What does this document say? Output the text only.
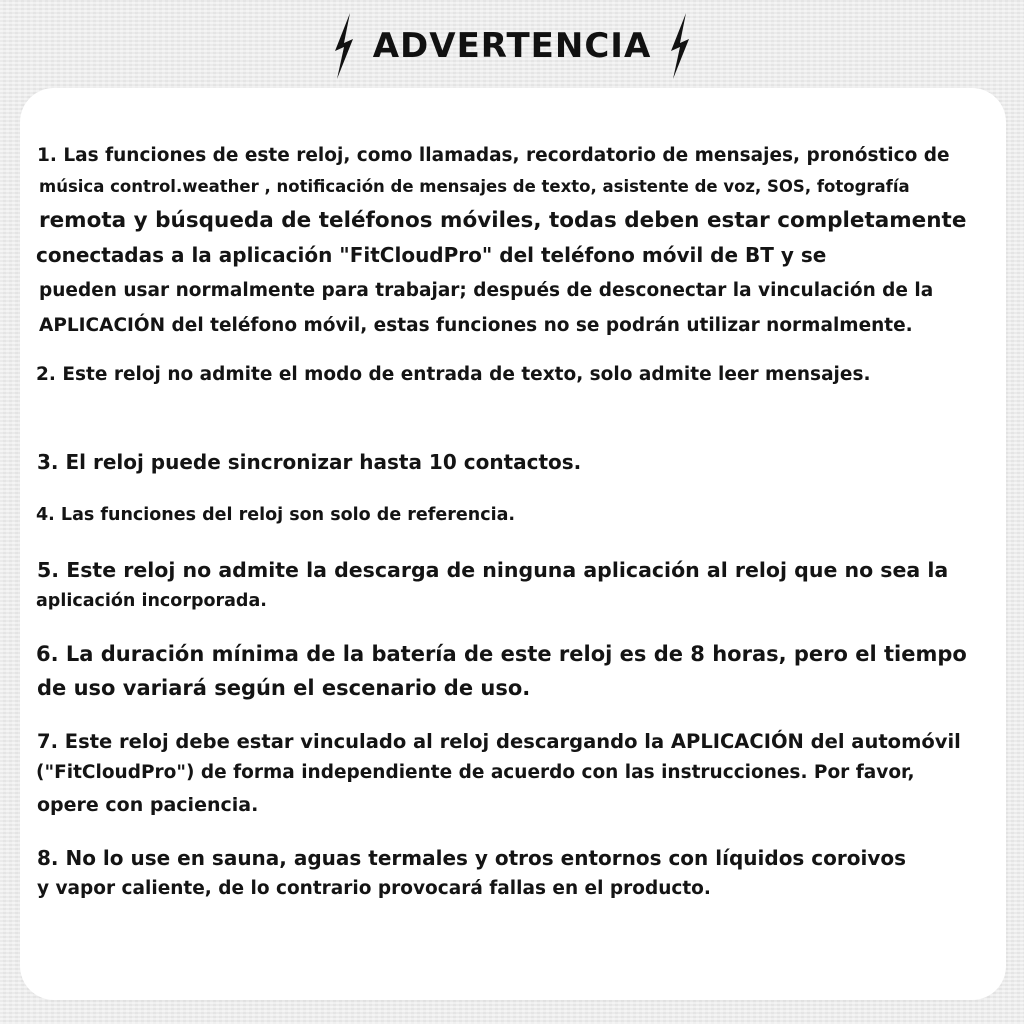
ADVERTENCIA
1. Las funciones de este reloj, como llamadas, recordatorio de mensajes, pronóstico de
música control.weather , notificación de mensajes de texto, asistente de voz, SOS, fotografía
remota y búsqueda de teléfonos móviles, todas deben estar completamente
conectadas a la aplicación "FitCloudPro" del teléfono móvil de BT y se
pueden usar normalmente para trabajar; después de desconectar la vinculación de la
APLICACIÓN del teléfono móvil, estas funciones no se podrán utilizar normalmente.
2. Este reloj no admite el modo de entrada de texto, solo admite leer mensajes.
3. El reloj puede sincronizar hasta 10 contactos.
4. Las funciones del reloj son solo de referencia.
5. Este reloj no admite la descarga de ninguna aplicación al reloj que no sea la
aplicación incorporada.
6. La duración mínima de la batería de este reloj es de 8 horas, pero el tiempo
de uso variará según el escenario de uso.
7. Este reloj debe estar vinculado al reloj descargando la APLICACIÓN del automóvil
("FitCloudPro") de forma independiente de acuerdo con las instrucciones. Por favor,
opere con paciencia.
8. No lo use en sauna, aguas termales y otros entornos con líquidos coroivos
y vapor caliente, de lo contrario provocará fallas en el producto.
